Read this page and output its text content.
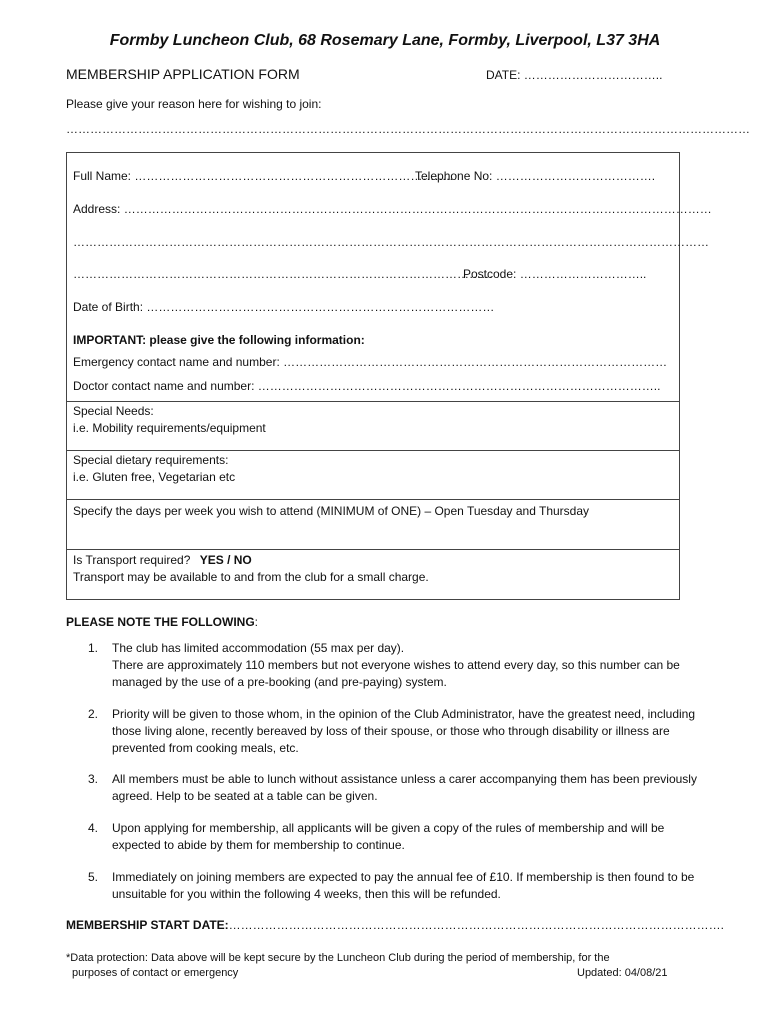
Formby Luncheon Club, 68 Rosemary Lane, Formby, Liverpool, L37 3HA
MEMBERSHIP APPLICATION FORM	DATE: ……………………………..
Please give your reason here for wishing to join:
………………………………………………………………………………………………………………………………………………………
Full Name: ……………………………………………………………………..
Telephone No: ………………………………….
Address: …………………………………………………………………………………………………………………………………
……………………………………………………………………………………………………………………………………………
……………………………………………………………………………………………
Postcode: …………………………..
Date of Birth: ……………………………………………………………………………
IMPORTANT: please give the following information:
Emergency contact name and number: ……………………………………………………………………………………
Doctor contact name and number: ………………………………………………………………………………………..
Special Needs:
i.e. Mobility requirements/equipment
Special dietary requirements:
i.e. Gluten free, Vegetarian etc
Specify the days per week you wish to attend (MINIMUM of ONE) – Open Tuesday and Thursday
Is Transport required? YES / NO
Transport may be available to and from the club for a small charge.
PLEASE NOTE THE FOLLOWING:
1. The club has limited accommodation (55 max per day).
There are approximately 110 members but not everyone wishes to attend every day, so this number can be managed by the use of a pre-booking (and pre-paying) system.
2. Priority will be given to those whom, in the opinion of the Club Administrator, have the greatest need, including those living alone, recently bereaved by loss of their spouse, or those who through disability or illness are prevented from cooking meals, etc.
3. All members must be able to lunch without assistance unless a carer accompanying them has been previously agreed. Help to be seated at a table can be given.
4. Upon applying for membership, all applicants will be given a copy of the rules of membership and will be expected to abide by them for membership to continue.
5. Immediately on joining members are expected to pay the annual fee of £10. If membership is then found to be unsuitable for you within the following 4 weeks, then this will be refunded.
MEMBERSHIP START DATE:…………………………………………………………………………………………………………….
*Data protection: Data above will be kept secure by the Luncheon Club during the period of membership, for the
purposes of contact or emergency	Updated: 04/08/21
